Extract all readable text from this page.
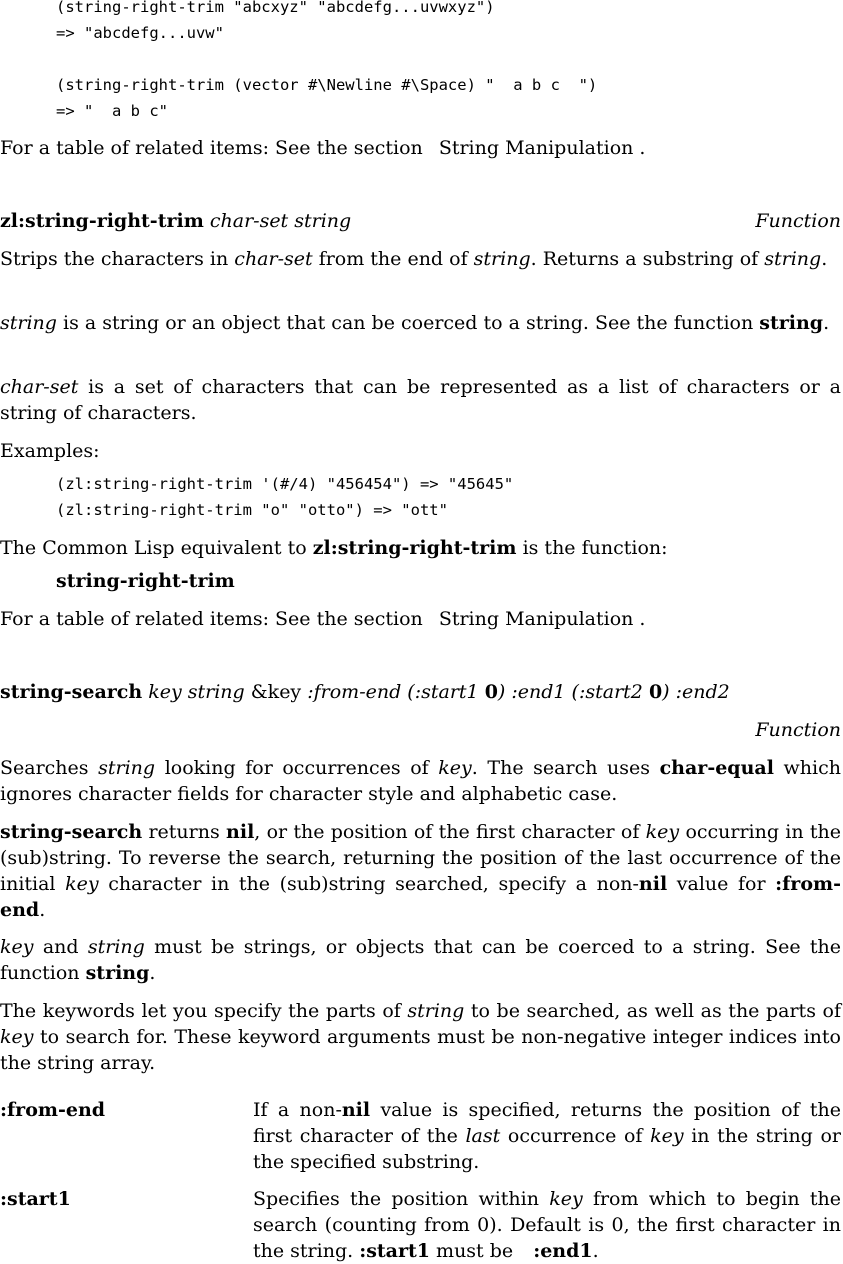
(string-right-trim "abcxyz" "abcdefg...uvwxyz")
=> "abcdefg...uvw"
(string-right-trim (vector #\Newline #\Space) "  a b c  ")
=> "  a b c"

For a table of related items: See the section String Manipulation .

zl:string-right-trim char-set string	Function

Strips the characters in char-set from the end of string. Returns a substring of string.

string is a string or an object that can be coerced to a string. See the function string.

char-set is a set of characters that can be represented as a list of characters or a string of characters.

Examples:

(zl:string-right-trim '(#/4) "456454") => "45645"
(zl:string-right-trim "o" "otto") => "ott"

The Common Lisp equivalent to zl:string-right-trim is the function:

string-right-trim

For a table of related items: See the section String Manipulation .

string-search key string &key :from-end (:start1 0) :end1 (:start2 0) :end2

Function

Searches string looking for occurrences of key. The search uses char-equal which ignores character fields for character style and alphabetic case.

string-search returns nil, or the position of the first character of key occurring in the (sub)string. To reverse the search, returning the position of the last occurrence of the initial key character in the (sub)string searched, specify a non-nil value for :from-end.

key and string must be strings, or objects that can be coerced to a string. See the function string.

The keywords let you specify the parts of string to be searched, as well as the parts of key to search for. These keyword arguments must be non-negative integer indices into the string array.

:from-end	If a non-nil value is specified, returns the position of the first character of the last occurrence of key in the string or the specified substring.
:start1	Specifies the position within key from which to begin the search (counting from 0). Default is 0, the first character in the string. :start1 must be :end1.
